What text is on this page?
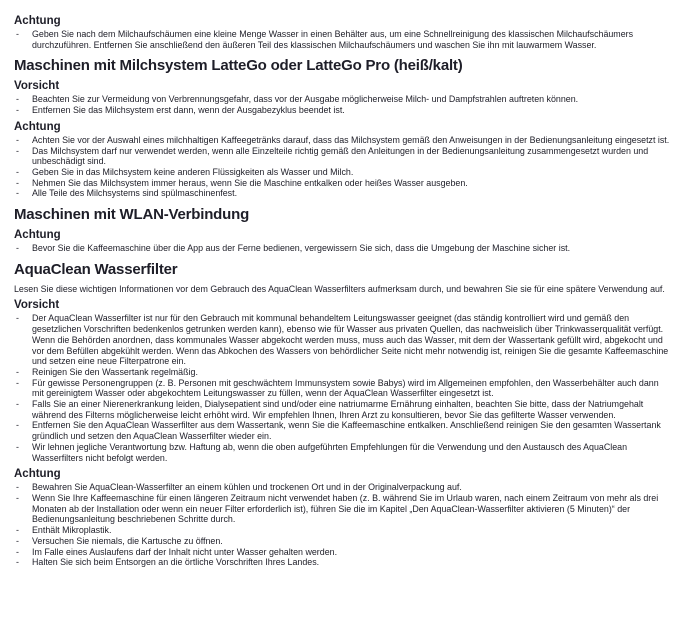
Achtung
- Geben Sie nach dem Milchaufschäumen eine kleine Menge Wasser in einen Behälter aus, um eine Schnellreinigung des klassischen Milchaufschäumers durchzuführen. Entfernen Sie anschließend den äußeren Teil des klassischen Milchaufschäumers und waschen Sie ihn mit lauwarmem Wasser.
Maschinen mit Milchsystem LatteGo oder LatteGo Pro (heiß/kalt)
Vorsicht
- Beachten Sie zur Vermeidung von Verbrennungsgefahr, dass vor der Ausgabe möglicherweise Milch- und Dampfstrahlen auftreten können.
- Entfernen Sie das Milchsystem erst dann, wenn der Ausgabezyklus beendet ist.
Achtung
- Achten Sie vor der Auswahl eines milchhaltigen Kaffeegetränks darauf, dass das Milchsystem gemäß den Anweisungen in der Bedienungsanleitung eingesetzt ist.
- Das Milchsystem darf nur verwendet werden, wenn alle Einzelteile richtig gemäß den Anleitungen in der Bedienungsanleitung zusammengesetzt wurden und unbeschädigt sind.
- Geben Sie in das Milchsystem keine anderen Flüssigkeiten als Wasser und Milch.
- Nehmen Sie das Milchsystem immer heraus, wenn Sie die Maschine entkalken oder heißes Wasser ausgeben.
- Alle Teile des Milchsystems sind spülmaschinenfest.
Maschinen mit WLAN-Verbindung
Achtung
- Bevor Sie die Kaffeemaschine über die App aus der Ferne bedienen, vergewissern Sie sich, dass die Umgebung der Maschine sicher ist.
AquaClean Wasserfilter
Lesen Sie diese wichtigen Informationen vor dem Gebrauch des AquaClean Wasserfilters aufmerksam durch, und bewahren Sie sie für eine spätere Verwendung auf.
Vorsicht
- Der AquaClean Wasserfilter ist nur für den Gebrauch mit kommunal behandeltem Leitungswasser geeignet (das ständig kontrolliert wird und gemäß den gesetzlichen Vorschriften bedenkenlos getrunken werden kann), ebenso wie für Wasser aus privaten Quellen, das nachweislich über Trinkwasserqualität verfügt. Wenn die Behörden anordnen, dass kommunales Wasser abgekocht werden muss, muss auch das Wasser, mit dem der Wassertank gefüllt wird, abgekocht und vor dem Befüllen abgekühlt werden. Wenn das Abkochen des Wassers von behördlicher Seite nicht mehr notwendig ist, reinigen Sie die gesamte Kaffeemaschine und setzen eine neue Filterpatrone ein.
- Reinigen Sie den Wassertank regelmäßig.
- Für gewisse Personengruppen (z. B. Personen mit geschwächtem Immunsystem sowie Babys) wird im Allgemeinen empfohlen, den Wasserbehälter auch dann mit gereinigtem Wasser oder abgekochtem Leitungswasser zu füllen, wenn der AquaClean Wasserfilter eingesetzt ist.
- Falls Sie an einer Nierenerkrankung leiden, Dialysepatient sind und/oder eine natriumarme Ernährung einhalten, beachten Sie bitte, dass der Natriumgehalt während des Filterns möglicherweise leicht erhöht wird. Wir empfehlen Ihnen, Ihren Arzt zu konsultieren, bevor Sie das gefilterte Wasser verwenden.
- Entfernen Sie den AquaClean Wasserfilter aus dem Wassertank, wenn Sie die Kaffeemaschine entkalken. Anschließend reinigen Sie den gesamten Wassertank gründlich und setzen den AquaClean Wasserfilter wieder ein.
- Wir lehnen jegliche Verantwortung bzw. Haftung ab, wenn die oben aufgeführten Empfehlungen für die Verwendung und den Austausch des AquaClean Wasserfilters nicht befolgt werden.
Achtung
- Bewahren Sie AquaClean-Wasserfilter an einem kühlen und trockenen Ort und in der Originalverpackung auf.
- Wenn Sie Ihre Kaffeemaschine für einen längeren Zeitraum nicht verwendet haben (z. B. während Sie im Urlaub waren, nach einem Zeitraum von mehr als drei Monaten ab der Installation oder wenn ein neuer Filter erforderlich ist), führen Sie die im Kapitel „Den AquaClean-Wasserfilter aktivieren (5 Minuten)“ der Bedienungsanleitung beschriebenen Schritte durch.
- Enthält Mikroplastik.
- Versuchen Sie niemals, die Kartusche zu öffnen.
- Im Falle eines Auslaufens darf der Inhalt nicht unter Wasser gehalten werden.
- Halten Sie sich beim Entsorgen an die örtliche Vorschriften Ihres Landes.
